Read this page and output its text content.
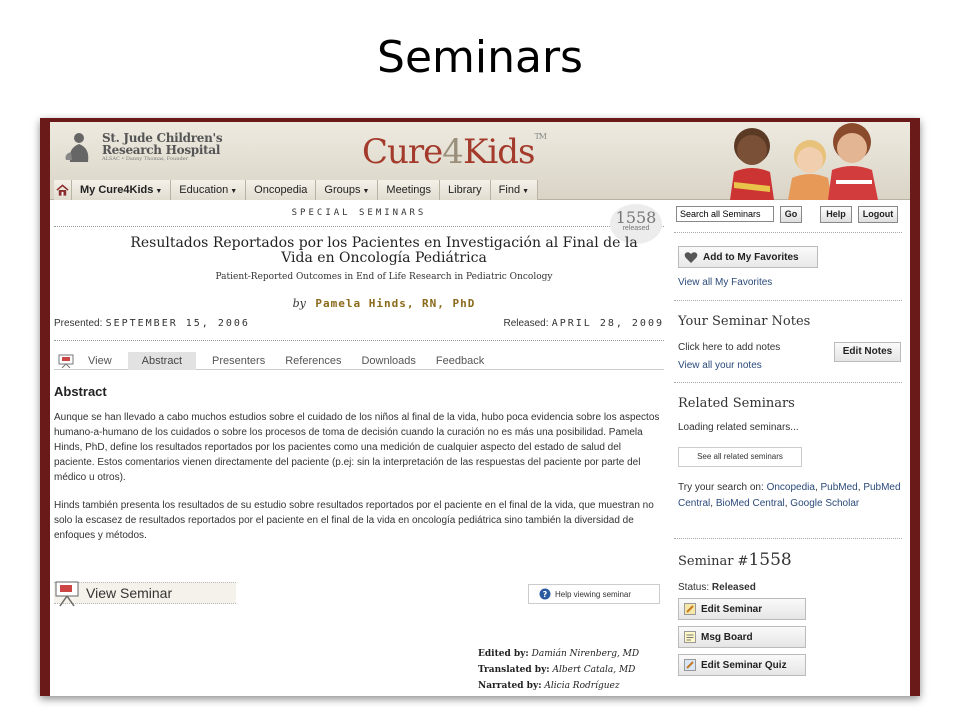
Seminars
St. Jude Children's
Research Hospital
ALSAC • Danny Thomas, Founder	Cure4Kids™
My Cure4Kids ▼	Education ▼	Oncopedia	Groups ▼	Meetings	Library	Find ▼
SPECIAL SEMINARS	1558
released
Resultados Reportados por los Pacientes en Investigación al Final de la Vida en Oncología Pediátrica
Patient-Reported Outcomes in End of Life Research in Pediatric Oncology
by Pamela Hinds, RN, PhD
Presented: SEPTEMBER 15, 2006	Released: APRIL 28, 2009
View	Abstract	Presenters	References	Downloads	Feedback
Abstract
Aunque se han llevado a cabo muchos estudios sobre el cuidado de los niños al final de la vida, hubo poca evidencia sobre los aspectos humano-a-humano de los cuidados o sobre los procesos de toma de decisión cuando la curación no es más una posibilidad. Pamela Hinds, PhD, define los resultados reportados por los pacientes como una medición de cualquier aspecto del estado de salud del paciente. Estos comentarios vienen directamente del paciente (p.ej: sin la interpretación de las respuestas del paciente por parte del médico u otros).
Hinds también presenta los resultados de su estudio sobre resultados reportados por el paciente en el final de la vida, que muestran no solo la escasez de resultados reportados por el paciente en el final de la vida en oncología pediátrica sino también la diversidad de enfoques y métodos.
View Seminar	? Help viewing seminar
Edited by: Damián Nirenberg, MD
Translated by: Albert Catala, MD
Narrated by: Alicia Rodríguez
Search all Seminars
Go	Help	Logout
Add to My Favorites
View all My Favorites
Your Seminar Notes
Click here to add notes
View all your notes
Edit Notes
Related Seminars
Loading related seminars...
See all related seminars
Try your search on: Oncopedia, PubMed, PubMed Central, BioMed Central, Google Scholar
Seminar #1558
Status: Released
Edit Seminar
Msg Board
Edit Seminar Quiz
